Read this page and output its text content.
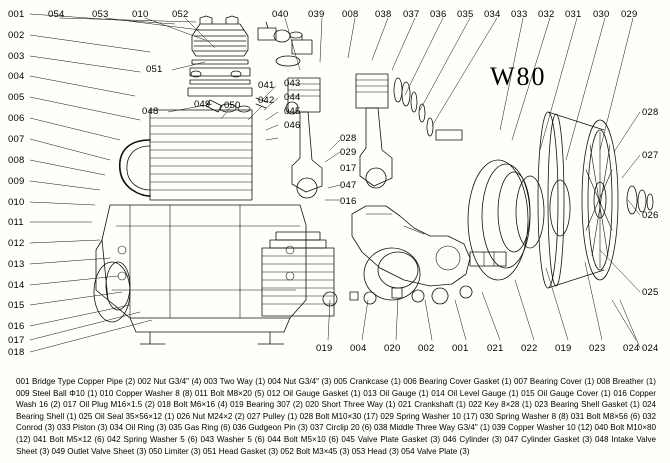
W80
001
002
003
004
005
006
007
008
009
010
011
012
013
014
015
016
017
018
054	053 010 052	040 039 008 038 037 036 035 034 033 032 031 030 029
028
027
026
025
024
019 004 020 002 001 021 022 019 023 024
051
048
049 050
041
042
043
044
045
046
028
029
047
016
017
001 Bridge Type Copper Pipe (2) 002 Nut G3/4" (4) 003 Two Way (1) 004 Nut G3/4" (3) 005 Crankcase (1) 006 Bearing Cover Gasket (1) 007 Bearing Cover (1) 008 Breather (1) 009 Steel Ball Φ10 (1) 010 Copper Washer 8 (8) 011 Bolt M8×20 (5) 012 Oil Gauge Gasket (1) 013 Oil Gauge (1) 014 Oil Level Gauge (1) 015 Oil Gauge Cover (1) 016 Copper Wash 16 (2) 017 Oil Plug M16×1.5 (2) 018 Bolt M6×16 (4) 019 Bearing 307 (2) 020 Short Three Way (1) 021 Crankshaft (1) 022 Key 8×28 (1) 023 Bearing Shell Gasket (1) 024 Bearing Shell (1) 025 Oil Seal 35×56×12 (1) 026 Nut M24×2 (2) 027 Pulley (1) 028 Bolt M10×30 (17) 029 Spring Washer 10 (17) 030 Spring Washer 8 (8) 031 Bolt M8×56 (6) 032 Conrod (3) 033 Piston (3) 034 Oil Ring (3) 035 Gas Ring (6) 036 Gudgeon Pin (3) 037 Circlip 20 (6) 038 Middle Three Way G3/4" (1) 039 Copper Washer 10 (12) 040 Bolt M10×80 (12) 041 Bolt M5×12 (6) 042 Spring Washer 5 (6) 043 Washer 5 (6) 044 Bolt M5×10 (6) 045 Valve Plate Gasket (3) 046 Cylinder (3) 047 Cylinder Gasket (3) 048 Intake Valve Sheet (3) 049 Outlet Valve Sheet (3) 050 Limiter (3) 051 Head Gasket (3) 052 Bolt M3×45 (3) 053 Head (3) 054 Valve Plate (3)
